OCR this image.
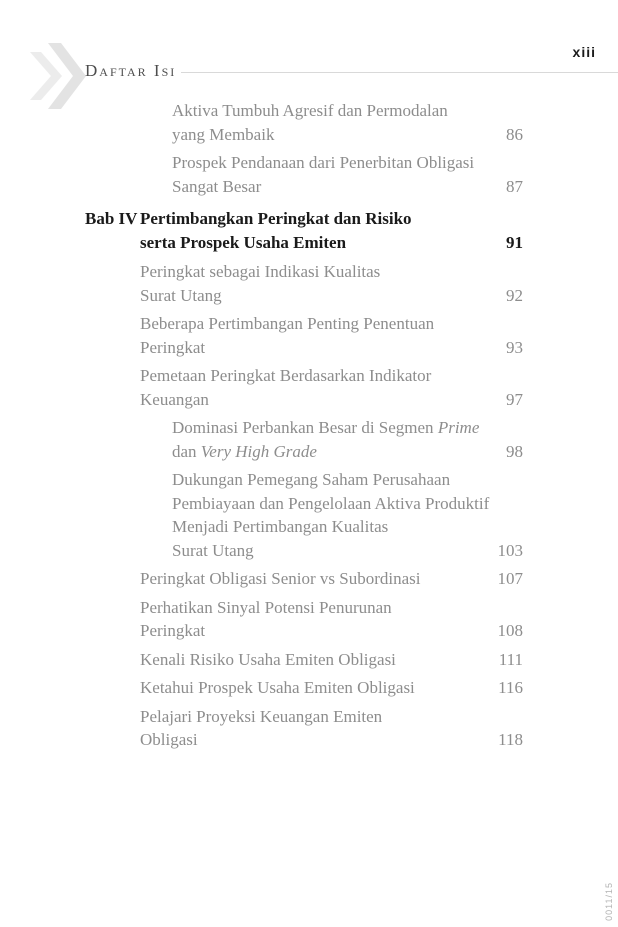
xiii
Daftar Isi
Aktiva Tumbuh Agresif dan Permodalan
yang Membaik	86
Prospek Pendanaan dari Penerbitan Obligasi
Sangat Besar	87
Bab IV Pertimbangkan Peringkat dan Risiko
serta Prospek Usaha Emiten	91
Peringkat sebagai Indikasi Kualitas
Surat Utang	92
Beberapa Pertimbangan Penting Penentuan
Peringkat	93
Pemetaan Peringkat Berdasarkan Indikator
Keuangan	97
Dominasi Perbankan Besar di Segmen Prime
dan Very High Grade	98
Dukungan Pemegang Saham Perusahaan
Pembiayaan dan Pengelolaan Aktiva Produktif
Menjadi Pertimbangan Kualitas
Surat Utang	103
Peringkat Obligasi Senior vs Subordinasi	107
Perhatikan Sinyal Potensi Penurunan
Peringkat	108
Kenali Risiko Usaha Emiten Obligasi	111
Ketahui Prospek Usaha Emiten Obligasi	116
Pelajari Proyeksi Keuangan Emiten
Obligasi	118
0011/15
